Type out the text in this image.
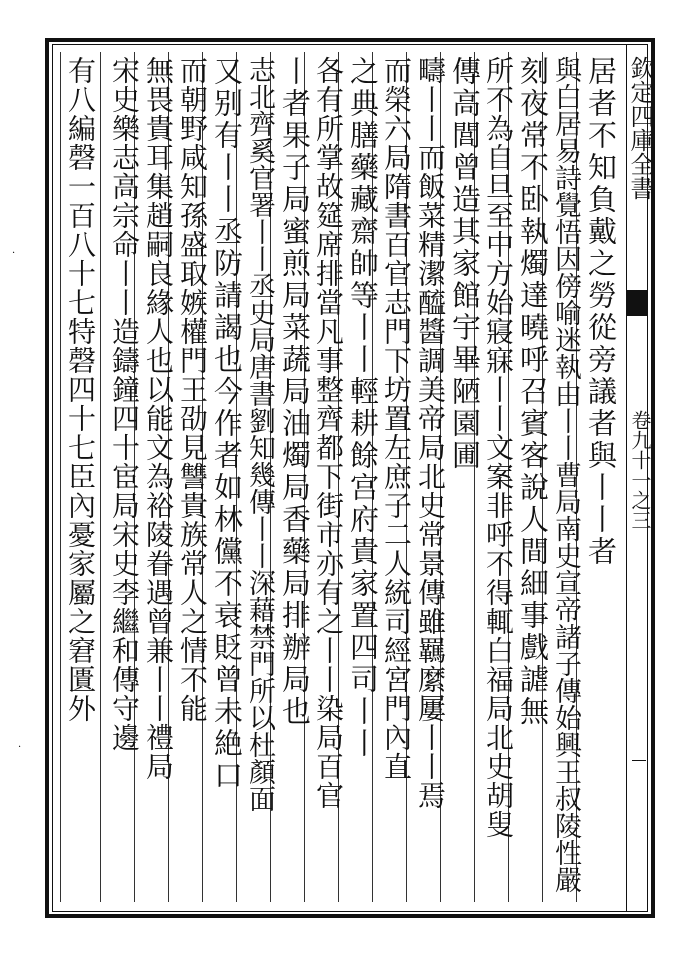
欽定四庫全書
卷九十一之三
居者不知負戴之勞從旁議者與丨丨者
與白居易詩覺悟因傍喻迷執由丨丨曹局南史宣帝諸子傳始興王叔陵性嚴
刻夜常不卧執燭達曉呼召賓客說人間細事戲謔無
所不為自旦至中方始寢寐丨丨文案非呼不得輒白福局北史胡叟
傳高閭曾造其家館宇畢陋園圃
疇丨丨而飯菜精潔醯醬調美帝局北史常景傳雖羈縻屢丨丨焉
而榮六局隋書百官志門下坊置左庶子二人統司經宮門內直
之典膳藥藏齋帥等丨丨輕耕餘宫府貴家置四司丨丨
各有所掌故筵席排當凡事整齊都下街市亦有之丨丨染局百官
丨者果子局蜜煎局菜蔬局油燭局香藥局排辦局也
志北齊奚官署丨丨丞史局唐書劉知幾傳丨丨深藉禁門所以杜顏面
又别有丨丨丞防請謁也今作者如林儻不衰貶曾未絶口
而朝野咸知孫盛取嫉權門王劭見讐貴族常人之情不能
無畏貴耳集趙嗣良緣人也以能文為裕陵眷遇曾兼丨丨禮局
宋史樂志高宗命丨丨造鑄鐘四十宦局宋史李繼和傳守邊
有八編磬一百八十七特磬四十七臣內憂家屬之窘匱外
·
·
